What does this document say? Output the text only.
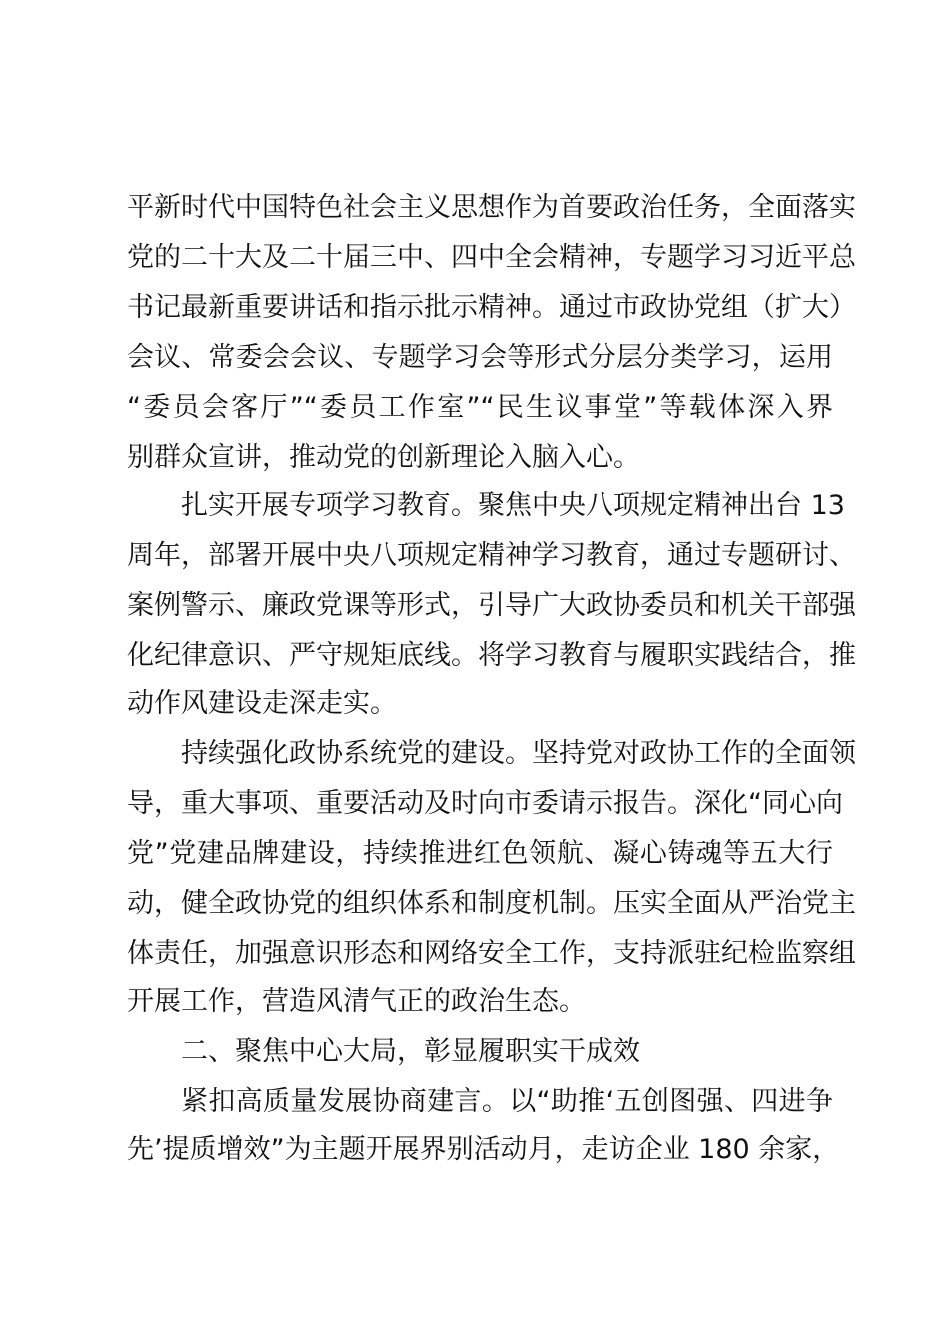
平新时代中国特色社会主义思想作为首要政治任务，全面落实
党的二十大及二十届三中、四中全会精神，专题学习习近平总
书记最新重要讲话和指示批示精神。通过市政协党组（扩大）
会议、常委会会议、专题学习会等形式分层分类学习，运用
“委员会客厅”“委员工作室”“民生议事堂”等载体深入界
别群众宣讲，推动党的创新理论入脑入心。
扎实开展专项学习教育。聚焦中央八项规定精神出台 13
周年，部署开展中央八项规定精神学习教育，通过专题研讨、
案例警示、廉政党课等形式，引导广大政协委员和机关干部强
化纪律意识、严守规矩底线。将学习教育与履职实践结合，推
动作风建设走深走实。
持续强化政协系统党的建设。坚持党对政协工作的全面领
导，重大事项、重要活动及时向市委请示报告。深化“同心向
党”党建品牌建设，持续推进红色领航、凝心铸魂等五大行
动，健全政协党的组织体系和制度机制。压实全面从严治党主
体责任，加强意识形态和网络安全工作，支持派驻纪检监察组
开展工作，营造风清气正的政治生态。
二、聚焦中心大局，彰显履职实干成效
紧扣高质量发展协商建言。以“助推‘五创图强、四进争
先’提质增效”为主题开展界别活动月，走访企业 180 余家，
